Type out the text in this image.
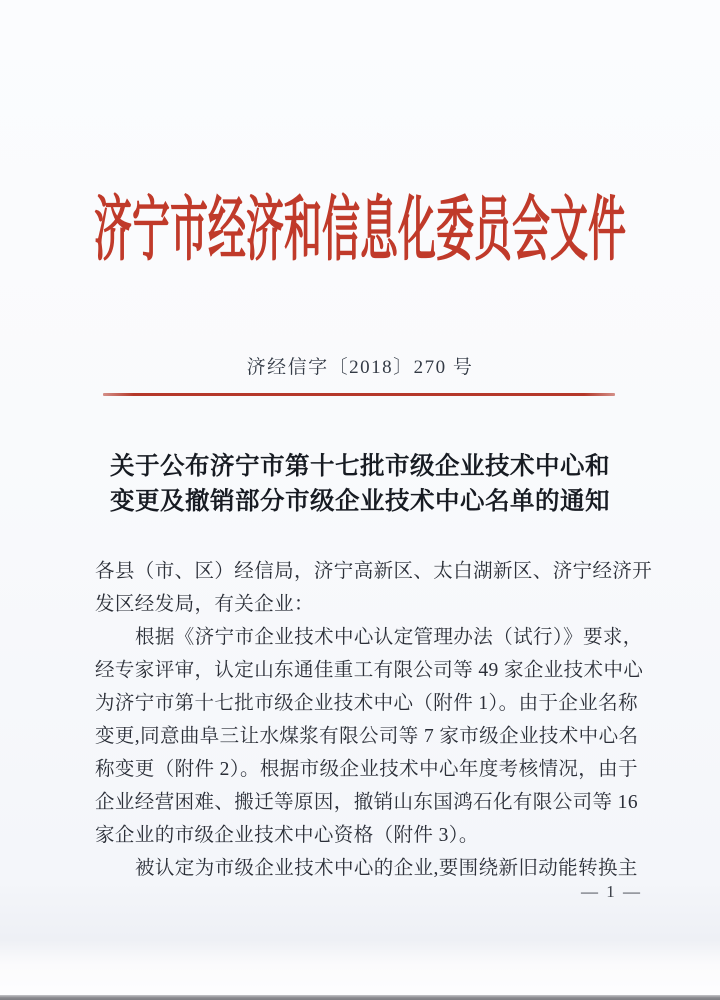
济宁市经济和信息化委员会文件
济经信字〔2018〕270 号
关于公布济宁市第十七批市级企业技术中心和
变更及撤销部分市级企业技术中心名单的通知
各县（市、区）经信局，济宁高新区、太白湖新区、济宁经济开
发区经发局，有关企业：
根据《济宁市企业技术中心认定管理办法（试行）》要求，
经专家评审，认定山东通佳重工有限公司等 49 家企业技术中心
为济宁市第十七批市级企业技术中心（附件 1）。由于企业名称
变更,同意曲阜三让水煤浆有限公司等 7 家市级企业技术中心名
称变更（附件 2）。根据市级企业技术中心年度考核情况，由于
企业经营困难、搬迁等原因，撤销山东国鸿石化有限公司等 16
家企业的市级企业技术中心资格（附件 3）。
被认定为市级企业技术中心的企业,要围绕新旧动能转换主
— 1 —
